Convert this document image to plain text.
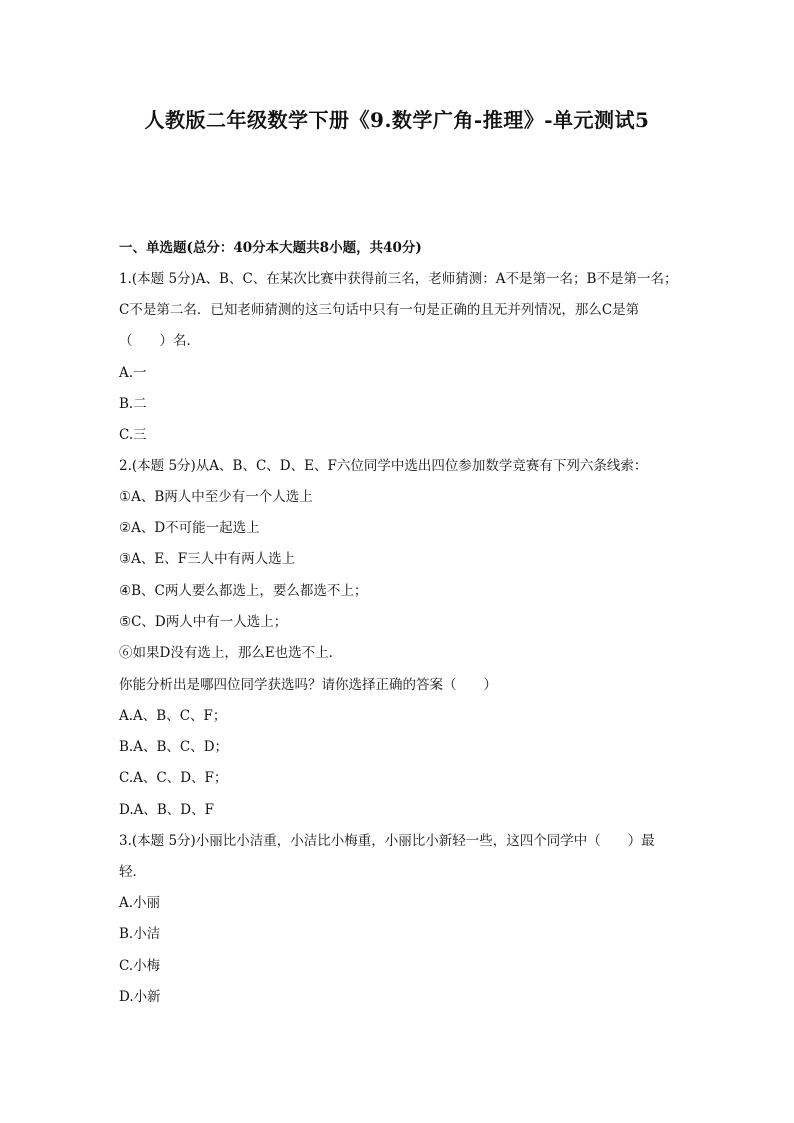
人教版二年级数学下册《9.数学广角-推理》-单元测试5
一、单选题(总分：40分本大题共8小题，共40分)
1.(本题 5分)A、B、C、在某次比赛中获得前三名，老师猜测：A不是第一名；B不是第一名；
C不是第二名．已知老师猜测的这三句话中只有一句是正确的且无并列情况，那么C是第
（　　）名．
A.一
B.二
C.三
2.(本题 5分)从A、B、C、D、E、F六位同学中选出四位参加数学竞赛有下列六条线索：
①A、B两人中至少有一个人选上
②A、D不可能一起选上
③A、E、F三人中有两人选上
④B、C两人要么都选上，要么都选不上；
⑤C、D两人中有一人选上；
⑥如果D没有选上，那么E也选不上．
你能分析出是哪四位同学获选吗？请你选择正确的答案（　　）
A.A、B、C、F；
B.A、B、C、D；
C.A、C、D、F；
D.A、B、D、F
3.(本题 5分)小丽比小洁重，小洁比小梅重，小丽比小新轻一些，这四个同学中（　　）最
轻．
A.小丽
B.小洁
C.小梅
D.小新
